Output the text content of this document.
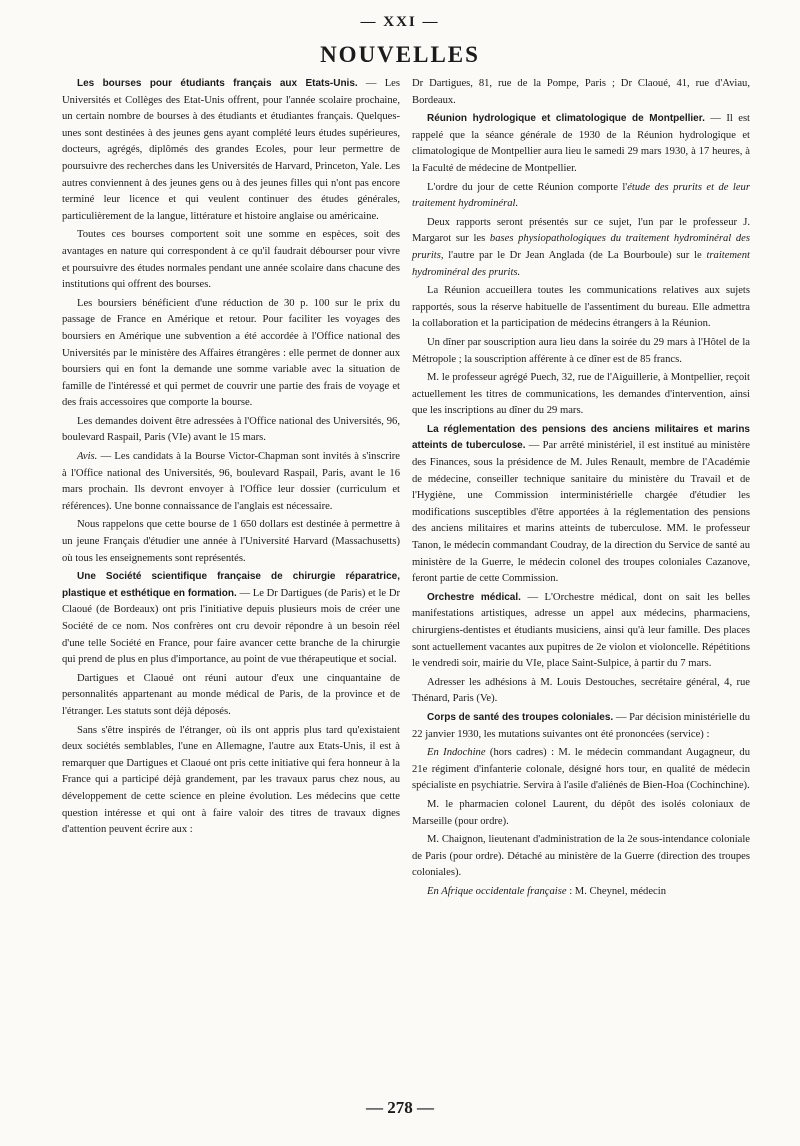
— XXI —
NOUVELLES

Les bourses pour étudiants français aux Etats-Unis. — Les Universités et Collèges des Etat-Unis offrent, pour l'année scolaire prochaine, un certain nombre de bourses à des étudiants et étudiantes français. Quelques-unes sont destinées à des jeunes gens ayant complété leurs études supérieures, docteurs, agrégés, diplômés des grandes Ecoles, pour leur permettre de poursuivre des recherches dans les Universités de Harvard, Princeton, Yale. Les autres conviennent à des jeunes gens ou à des jeunes filles qui n'ont pas encore terminé leur licence et qui veulent continuer des études générales, particulièrement de la langue, littérature et histoire anglaise ou américaine.

Toutes ces bourses comportent soit une somme en espèces, soit des avantages en nature qui correspondent à ce qu'il faudrait débourser pour vivre et poursuivre des études normales pendant une année scolaire dans chacune des institutions qui offrent des bourses.

Les boursiers bénéficient d'une réduction de 30 p. 100 sur le prix du passage de France en Amérique et retour. Pour faciliter les voyages des boursiers en Amérique une subvention a été accordée à l'Office national des Universités par le ministère des Affaires étrangères : elle permet de donner aux boursiers qui en font la demande une somme variable avec la situation de famille de l'intéressé et qui permet de couvrir une partie des frais de voyage et des frais accessoires que comporte la bourse.

Les demandes doivent être adressées à l'Office national des Universités, 96, boulevard Raspail, Paris (VIe) avant le 15 mars.

Avis. — Les candidats à la Bourse Victor-Chapman sont invités à s'inscrire à l'Office national des Universités, 96, boulevard Raspail, Paris, avant le 16 mars prochain. Ils devront envoyer à l'Office leur dossier (curriculum et références). Une bonne connaissance de l'anglais est nécessaire.

Nous rappelons que cette bourse de 1 650 dollars est destinée à permettre à un jeune Français d'étudier une année à l'Université Harvard (Massachusetts) où tous les enseignements sont représentés.

Une Société scientifique française de chirurgie réparatrice, plastique et esthétique en formation. — Le Dr Dartigues (de Paris) et le Dr Claoué (de Bordeaux) ont pris l'initiative depuis plusieurs mois de créer une Société de ce nom. Nos confrères ont cru devoir répondre à un besoin réel d'une telle Société en France, pour faire avancer cette branche de la chirurgie qui prend de plus en plus d'importance, au point de vue thérapeutique et social.

Dartigues et Claoué ont réuni autour d'eux une cinquantaine de personnalités appartenant au monde médical de Paris, de la province et de l'étranger. Les statuts sont déjà déposés.

Sans s'être inspirés de l'étranger, où ils ont appris plus tard qu'existaient deux sociétés semblables, l'une en Allemagne, l'autre aux Etats-Unis, il est à remarquer que Dartigues et Claoué ont pris cette initiative qui fera honneur à la France qui a participé déjà grandement, par les travaux parus chez nous, au développement de cette science en pleine évolution. Les médecins que cette question intéresse et qui ont à faire valoir des titres de travaux dignes d'attention peuvent écrire aux :

Dr Dartigues, 81, rue de la Pompe, Paris ; Dr Claoué, 41, rue d'Aviau, Bordeaux.

Réunion hydrologique et climatologique de Montpellier. — Il est rappelé que la séance générale de 1930 de la Réunion hydrologique et climatologique de Montpellier aura lieu le samedi 29 mars 1930, à 17 heures, à la Faculté de médecine de Montpellier.

L'ordre du jour de cette Réunion comporte l'étude des prurits et de leur traitement hydrominéral.

Deux rapports seront présentés sur ce sujet, l'un par le professeur J. Margarot sur les bases physiopathologiques du traitement hydrominéral des prurits, l'autre par le Dr Jean Anglada (de La Bourboule) sur le traitement hydrominéral des prurits.

La Réunion accueillera toutes les communications relatives aux sujets rapportés, sous la réserve habituelle de l'assentiment du bureau. Elle admettra la collaboration et la participation de médecins étrangers à la Réunion.

Un dîner par souscription aura lieu dans la soirée du 29 mars à l'Hôtel de la Métropole ; la souscription afférente à ce dîner est de 85 francs.

M. le professeur agrégé Puech, 32, rue de l'Aiguillerie, à Montpellier, reçoit actuellement les titres de communications, les demandes d'intervention, ainsi que les inscriptions au dîner du 29 mars.

La réglementation des pensions des anciens militaires et marins atteints de tuberculose. — Par arrêté ministériel, il est institué au ministère des Finances, sous la présidence de M. Jules Renault, membre de l'Académie de médecine, conseiller technique sanitaire du ministère du Travail et de l'Hygiène, une Commission interministérielle chargée d'étudier les modifications susceptibles d'être apportées à la réglementation des pensions des anciens militaires et marins atteints de tuberculose. MM. le professeur Tanon, le médecin commandant Coudray, de la direction du Service de santé au ministère de la Guerre, le médecin colonel des troupes coloniales Cazanove, feront partie de cette Commission.

Orchestre médical. — L'Orchestre médical, dont on sait les belles manifestations artistiques, adresse un appel aux médecins, pharmaciens, chirurgiens-dentistes et étudiants musiciens, ainsi qu'à leur famille. Des places sont actuellement vacantes aux pupitres de 2e violon et violoncelle. Répétitions le vendredi soir, mairie du VIe, place Saint-Sulpice, à partir du 7 mars.

Adresser les adhésions à M. Louis Destouches, secrétaire général, 4, rue Thénard, Paris (Ve).

Corps de santé des troupes coloniales. — Par décision ministérielle du 22 janvier 1930, les mutations suivantes ont été prononcées (service) :

En Indochine (hors cadres) : M. le médecin commandant Augagneur, du 21e régiment d'infanterie colonale, désigné hors tour, en qualité de médecin spécialiste en psychiatrie. Servira à l'asile d'aliénés de Bien-Hoa (Cochinchine).

M. le pharmacien colonel Laurent, du dépôt des isolés coloniaux de Marseille (pour ordre).

M. Chaignon, lieutenant d'administration de la 2e sous-intendance coloniale de Paris (pour ordre). Détaché au ministère de la Guerre (direction des troupes coloniales).

En Afrique occidentale française : M. Cheynel, médecin

— 278 —
